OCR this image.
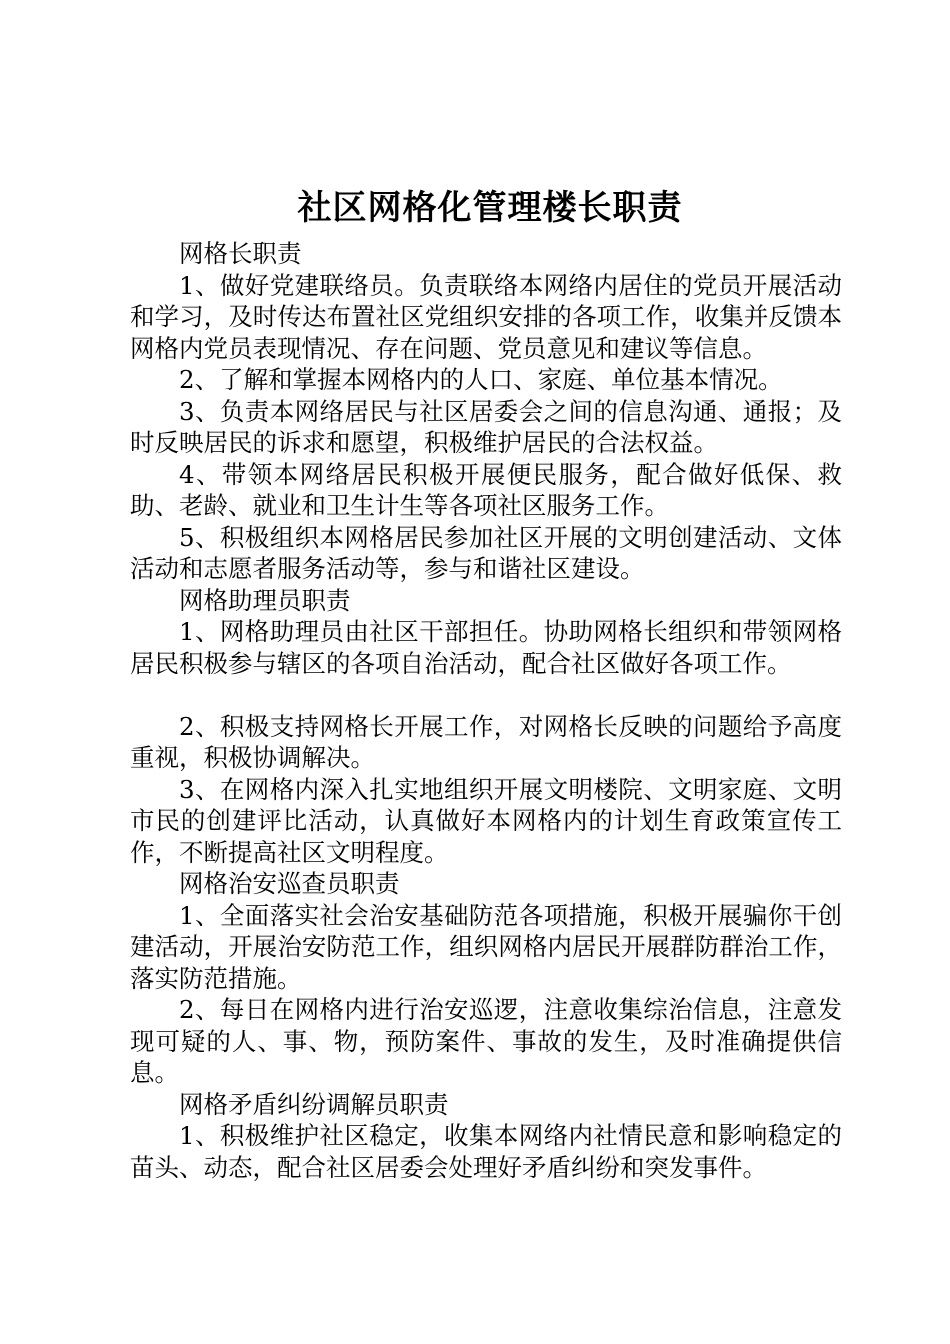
社区网格化管理楼长职责

网格长职责

1、做好党建联络员。负责联络本网络内居住的党员开展活动和学习，及时传达布置社区党组织安排的各项工作，收集并反馈本网格内党员表现情况、存在问题、党员意见和建议等信息。

2、了解和掌握本网格内的人口、家庭、单位基本情况。

3、负责本网络居民与社区居委会之间的信息沟通、通报；及时反映居民的诉求和愿望，积极维护居民的合法权益。

4、带领本网络居民积极开展便民服务，配合做好低保、救助、老龄、就业和卫生计生等各项社区服务工作。

5、积极组织本网格居民参加社区开展的文明创建活动、文体活动和志愿者服务活动等，参与和谐社区建设。

网格助理员职责

1、网格助理员由社区干部担任。协助网格长组织和带领网格居民积极参与辖区的各项自治活动，配合社区做好各项工作。

2、积极支持网格长开展工作，对网格长反映的问题给予高度重视，积极协调解决。

3、在网格内深入扎实地组织开展文明楼院、文明家庭、文明市民的创建评比活动，认真做好本网格内的计划生育政策宣传工作，不断提高社区文明程度。

网格治安巡查员职责

1、全面落实社会治安基础防范各项措施，积极开展骗你干创建活动，开展治安防范工作，组织网格内居民开展群防群治工作，落实防范措施。

2、每日在网格内进行治安巡逻，注意收集综治信息，注意发现可疑的人、事、物，预防案件、事故的发生，及时准确提供信息。

网格矛盾纠纷调解员职责

1、积极维护社区稳定，收集本网络内社情民意和影响稳定的苗头、动态，配合社区居委会处理好矛盾纠纷和突发事件。
